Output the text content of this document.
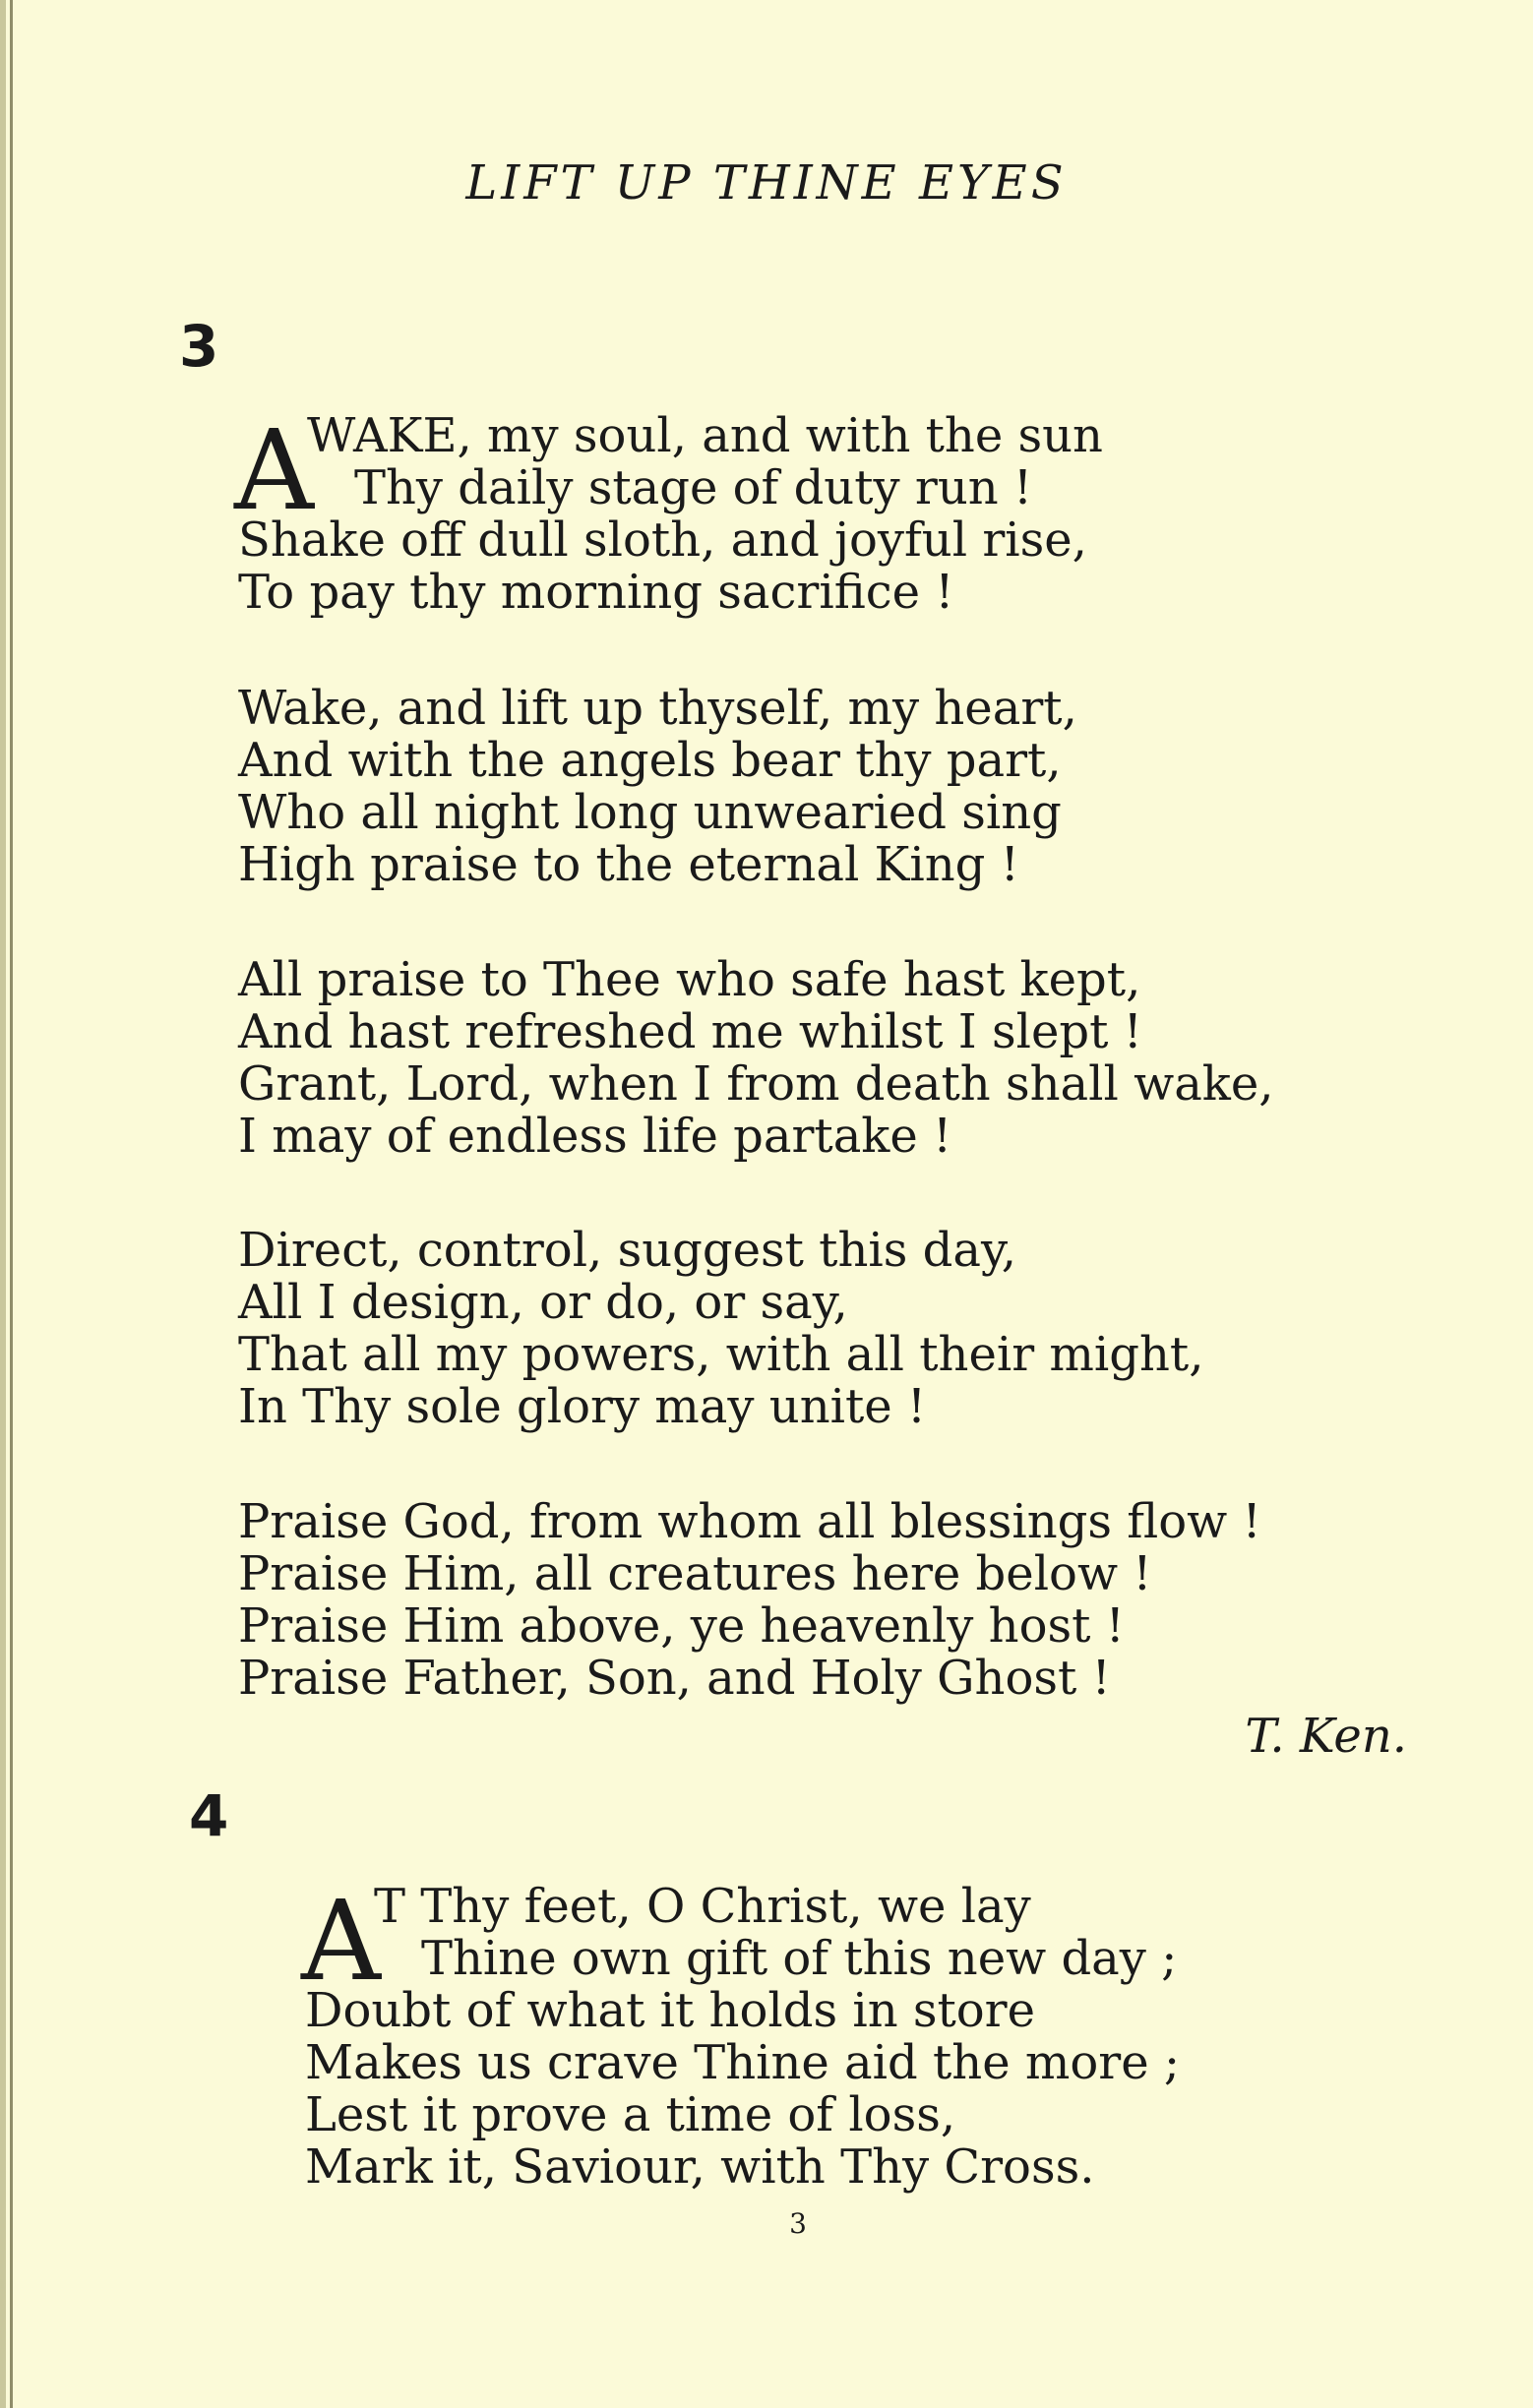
LIFT UP THINE EYES
3
A
WAKE, my soul, and with the sun
Thy daily stage of duty run !
Shake off dull sloth, and joyful rise,
To pay thy morning sacrifice !
Wake, and lift up thyself, my heart,
And with the angels bear thy part,
Who all night long unwearied sing
High praise to the eternal King !
All praise to Thee who safe hast kept,
And hast refreshed me whilst I slept !
Grant, Lord, when I from death shall wake,
I may of endless life partake !
Direct, control, suggest this day,
All I design, or do, or say,
That all my powers, with all their might,
In Thy sole glory may unite !
Praise God, from whom all blessings flow !
Praise Him, all creatures here below !
Praise Him above, ye heavenly host !
Praise Father, Son, and Holy Ghost !
T. Ken.
4
A
T Thy feet, O Christ, we lay
Thine own gift of this new day ;
Doubt of what it holds in store
Makes us crave Thine aid the more ;
Lest it prove a time of loss,
Mark it, Saviour, with Thy Cross.
3
